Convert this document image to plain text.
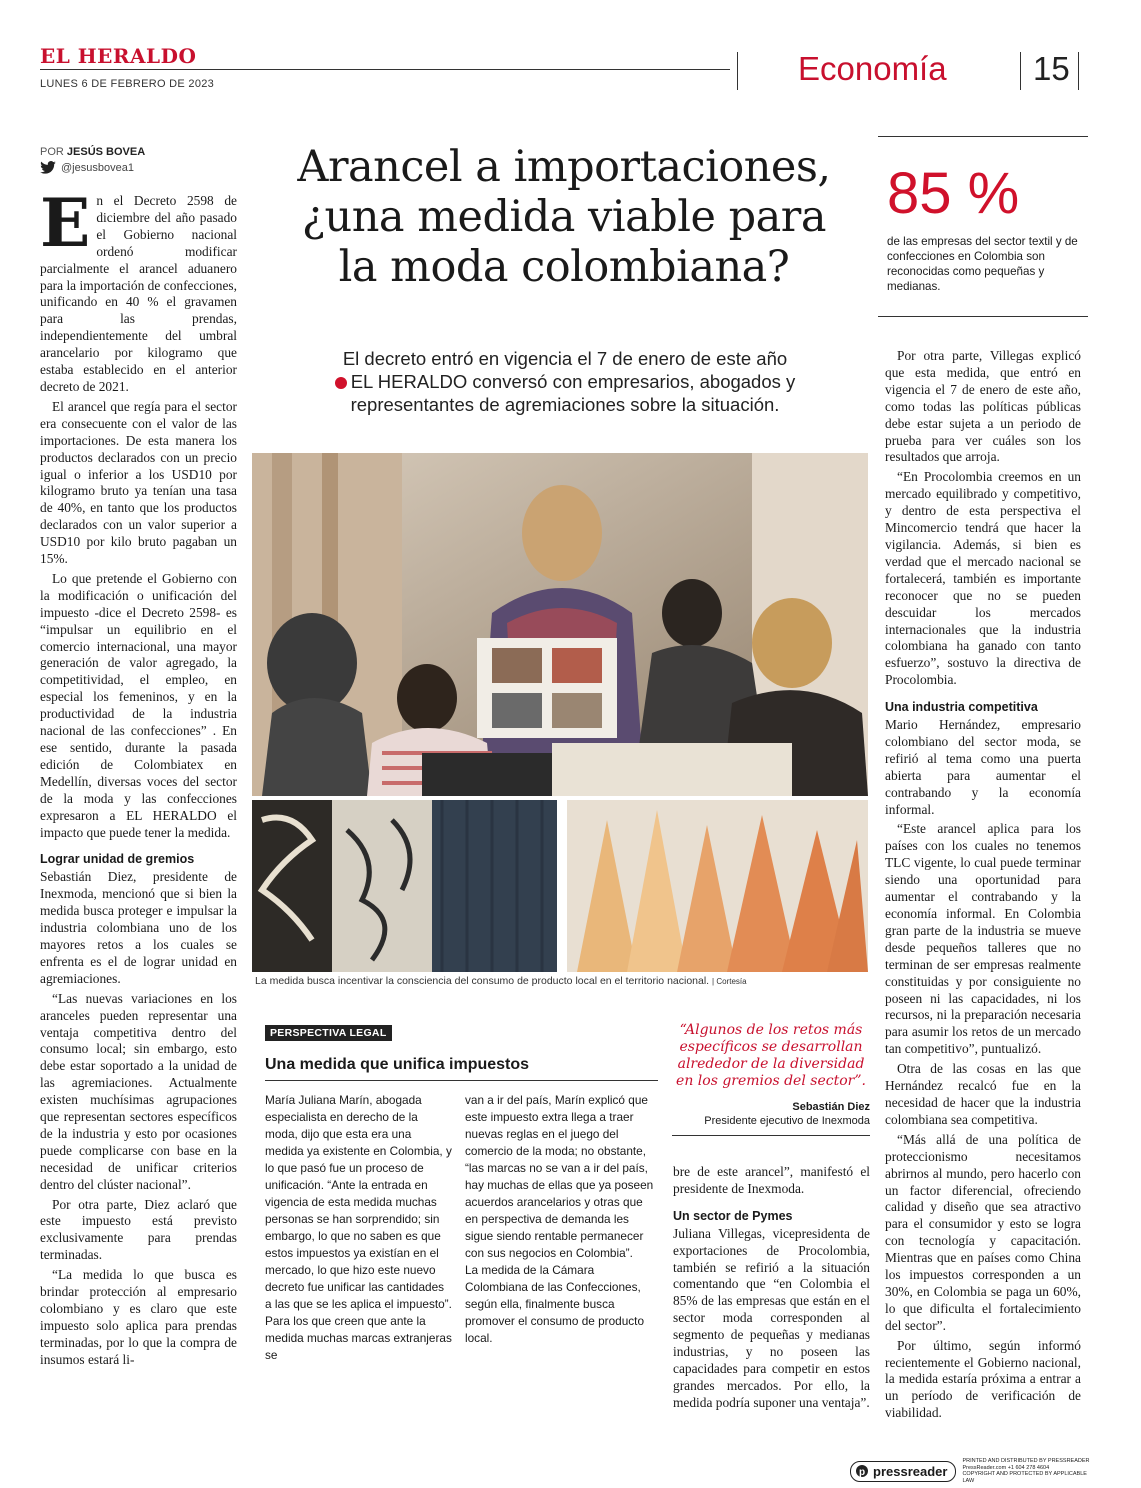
EL HERALDO
LUNES 6 DE FEBRERO DE 2023	Economía	15
POR JESÚS BOVEA
@jesusbovea1	Arancel a importaciones,
¿una medida viable para
la moda colombiana?
El decreto entró en vigencia el 7 de enero de este año
EL HERALDO conversó con empresarios, abogados y
representantes de agremiaciones sobre la situación.
85 %
de las empresas del sector textil y de confecciones en Colombia son reconocidas como pequeñas y medianas.

En el Decreto 2598 de diciembre del año pasado el Gobierno nacional ordenó modificar parcialmente el arancel aduanero para la importación de confecciones, unificando en 40 % el gravamen para las prendas, independientemente del umbral arancelario por kilogramo que estaba establecido en el anterior decreto de 2021.

El arancel que regía para el sector era consecuente con el valor de las importaciones. De esta manera los productos declarados con un precio igual o inferior a los USD10 por kilogramo bruto ya tenían una tasa de 40%, en tanto que los productos declarados con un valor superior a USD10 por kilo bruto pagaban un 15%.

Lo que pretende el Gobierno con la modificación o unificación del impuesto -dice el Decreto 2598- es “impulsar un equilibrio en el comercio internacional, una mayor generación de valor agregado, la competitividad, el empleo, en especial los femeninos, y en la productividad de la industria nacional de las confecciones” . En ese sentido, durante la pasada edición de Colombiatex en Medellín, diversas voces del sector de la moda y las confecciones expresaron a EL HERALDO el impacto que puede tener la medida.

Lograr unidad de gremios

Sebastián Diez, presidente de Inexmoda, mencionó que si bien la medida busca proteger e impulsar la industria colombiana uno de los mayores retos a los cuales se enfrenta es el de lograr unidad en agremiaciones.

“Las nuevas variaciones en los aranceles pueden representar una ventaja competitiva dentro del consumo local; sin embargo, esto debe estar soportado a la unidad de las agremiaciones. Actualmente existen muchísimas agrupaciones que representan sectores específicos de la industria y esto por ocasiones puede complicarse con base en la necesidad de unificar criterios dentro del clúster nacional”.

Por otra parte, Diez aclaró que este impuesto está previsto exclusivamente para prendas terminadas.

“La medida lo que busca es brindar protección al empresario colombiano y es claro que este impuesto solo aplica para prendas terminadas, por lo que la compra de insumos estará li-

La medida busca incentivar la consciencia del consumo de producto local en el territorio nacional. | Cortesía
PERSPECTIVA LEGAL
Una medida que unifica impuestos
María Juliana Marín, abogada especialista en derecho de la moda, dijo que esta era una medida ya existente en Colombia, y lo que pasó fue un proceso de unificación. “Ante la entrada en vigencia de esta medida muchas personas se han sorprendido; sin embargo, lo que no saben es que estos impuestos ya existían en el mercado, lo que hizo este nuevo decreto fue unificar las cantidades a las que se les aplica el impuesto”. Para los que creen que ante la medida muchas marcas extranjeras se
van a ir del país, Marín explicó que este impuesto extra llega a traer nuevas reglas en el juego del comercio de la moda; no obstante, “las marcas no se van a ir del país, hay muchas de ellas que ya poseen acuerdos arancelarios y otras que en perspectiva de demanda les sigue siendo rentable permanecer con sus negocios en Colombia”.
La medida de la Cámara Colombiana de las Confecciones, según ella, finalmente busca promover el consumo de producto local.
“Algunos de los retos más específicos se desarrollan alrededor de la diversidad en los gremios del sector”.
Sebastián Diez
Presidente ejecutivo de Inexmoda

bre de este arancel”, manifestó el presidente de Inexmoda.

Un sector de Pymes

Juliana Villegas, vicepresidenta de exportaciones de Procolombia, también se refirió a la situación comentando que “en Colombia el 85% de las empresas que están en el sector moda corresponden al segmento de pequeñas y medianas industrias, y no poseen las capacidades para competir en estos grandes mercados. Por ello, la medida podría suponer una ventaja”.

Por otra parte, Villegas explicó que esta medida, que entró en vigencia el 7 de enero de este año, como todas las políticas públicas debe estar sujeta a un periodo de prueba para ver cuáles son los resultados que arroja.

“En Procolombia creemos en un mercado equilibrado y competitivo, y dentro de esta perspectiva el Mincomercio tendrá que hacer la vigilancia. Además, si bien es verdad que el mercado nacional se fortalecerá, también es importante reconocer que no se pueden descuidar los mercados internacionales que la industria colombiana ha ganado con tanto esfuerzo”, sostuvo la directiva de Procolombia.

Una industria competitiva

Mario Hernández, empresario colombiano del sector moda, se refirió al tema como una puerta abierta para aumentar el contrabando y la economía informal.

“Este arancel aplica para los países con los cuales no tenemos TLC vigente, lo cual puede terminar siendo una oportunidad para aumentar el contrabando y la economía informal. En Colombia gran parte de la industria se mueve desde pequeños talleres que no terminan de ser empresas realmente constituidas y por consiguiente no poseen ni las capacidades, ni los recursos, ni la preparación necesaria para asumir los retos de un mercado tan competitivo”, puntualizó.

Otra de las cosas en las que Hernández recalcó fue en la necesidad de hacer que la industria colombiana sea competitiva.

“Más allá de una política de proteccionismo necesitamos abrirnos al mundo, pero hacerlo con un factor diferencial, ofreciendo calidad y diseño que sea atractivo para el consumidor y esto se logra con tecnología y capacitación. Mientras que en países como China los impuestos corresponden a un 30%, en Colombia se paga un 60%, lo que dificulta el fortalecimiento del sector”.

Por último, según informó recientemente el Gobierno nacional, la medida estaría próxima a entrar a un período de verificación de viabilidad.

p pressreader
PRINTED AND DISTRIBUTED BY PRESSREADER
PressReader.com +1 604 278 4604
COPYRIGHT AND PROTECTED BY APPLICABLE LAW
